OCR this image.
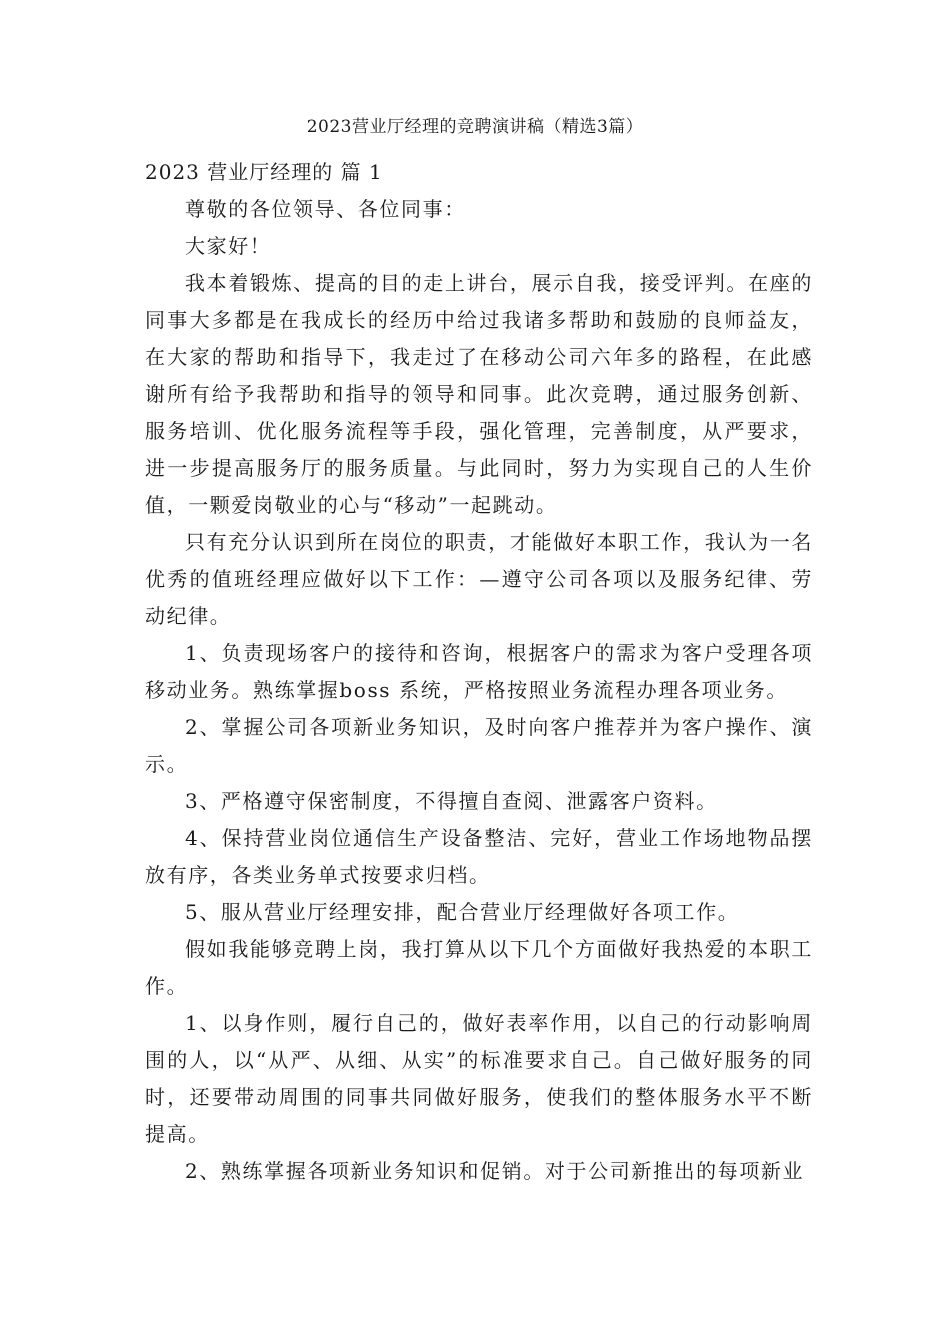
2023营业厅经理的竞聘演讲稿（精选3篇）
2023 营业厅经理的 篇 1

尊敬的各位领导、各位同事：

大家好！

我本着锻炼、提高的目的走上讲台，展示自我，接受评判。在座的同事大多都是在我成长的经历中给过我诸多帮助和鼓励的良师益友，在大家的帮助和指导下，我走过了在移动公司六年多的路程，在此感谢所有给予我帮助和指导的领导和同事。此次竞聘，通过服务创新、服务培训、优化服务流程等手段，强化管理，完善制度，从严要求，进一步提高服务厅的服务质量。与此同时，努力为实现自己的人生价值，一颗爱岗敬业的心与“移动”一起跳动。

只有充分认识到所在岗位的职责，才能做好本职工作，我认为一名优秀的值班经理应做好以下工作：—遵守公司各项以及服务纪律、劳动纪律。

1、负责现场客户的接待和咨询，根据客户的需求为客户受理各项移动业务。熟练掌握boss 系统，严格按照业务流程办理各项业务。

2、掌握公司各项新业务知识，及时向客户推荐并为客户操作、演示。

3、严格遵守保密制度，不得擅自查阅、泄露客户资料。

4、保持营业岗位通信生产设备整洁、完好，营业工作场地物品摆放有序，各类业务单式按要求归档。

5、服从营业厅经理安排，配合营业厅经理做好各项工作。

假如我能够竞聘上岗，我打算从以下几个方面做好我热爱的本职工作。

1、以身作则，履行自己的，做好表率作用，以自己的行动影响周围的人，以“从严、从细、从实”的标准要求自己。自己做好服务的同时，还要带动周围的同事共同做好服务，使我们的整体服务水平不断提高。

2、熟练掌握各项新业务知识和促销。对于公司新推出的每项新业
